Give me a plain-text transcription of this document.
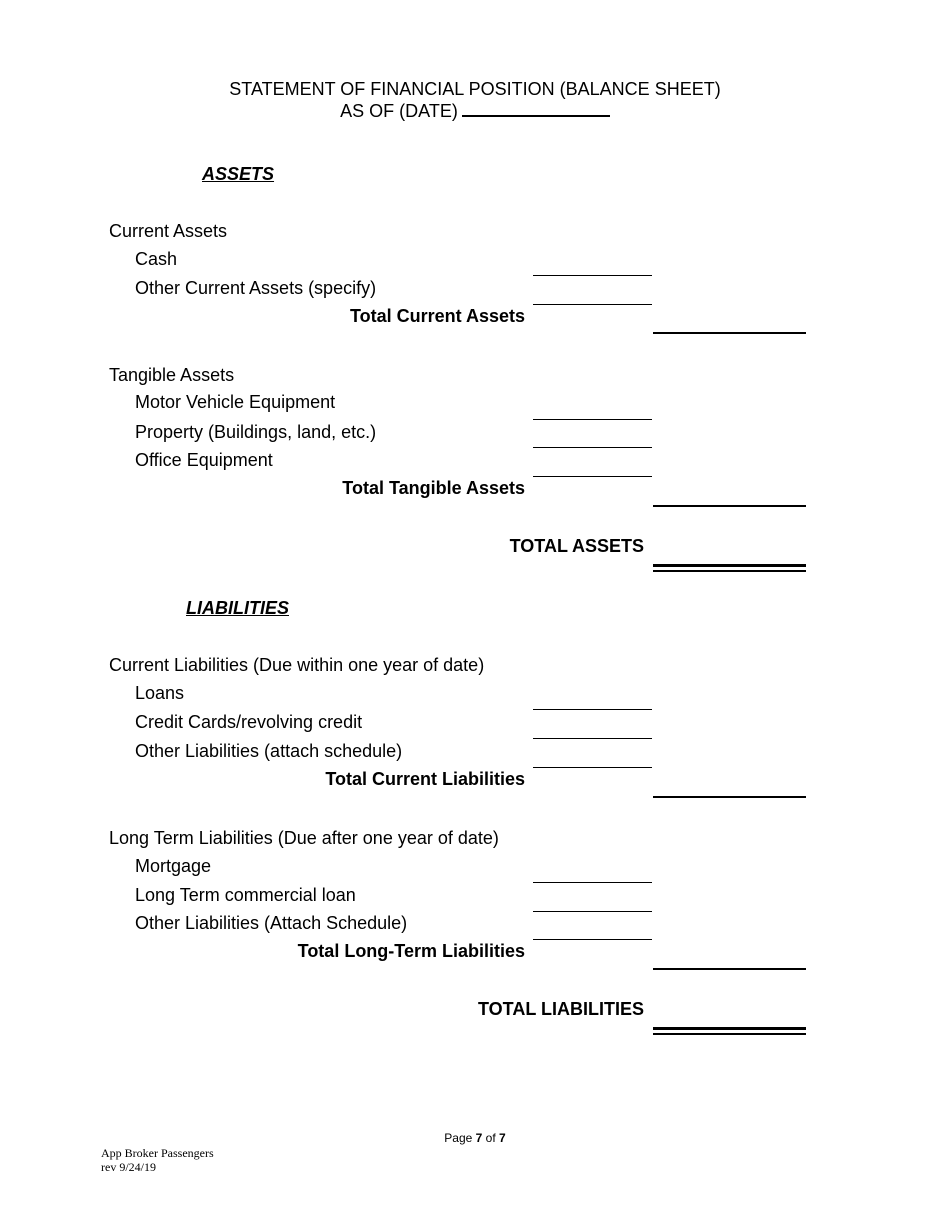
STATEMENT OF FINANCIAL POSITION (BALANCE SHEET)
AS OF (DATE)
ASSETS
Current Assets
Cash
Other Current Assets (specify)
Total Current Assets
Tangible Assets
Motor Vehicle Equipment
Property (Buildings, land, etc.)
Office Equipment
Total Tangible Assets
TOTAL ASSETS
LIABILITIES
Current Liabilities (Due within one year of date)
Loans
Credit Cards/revolving credit
Other Liabilities (attach schedule)
Total Current Liabilities
Long Term Liabilities (Due after one year of date)
Mortgage
Long Term commercial loan
Other Liabilities (Attach Schedule)
Total Long-Term Liabilities
TOTAL LIABILITIES
Page 7 of 7
App Broker Passengers
rev 9/24/19
